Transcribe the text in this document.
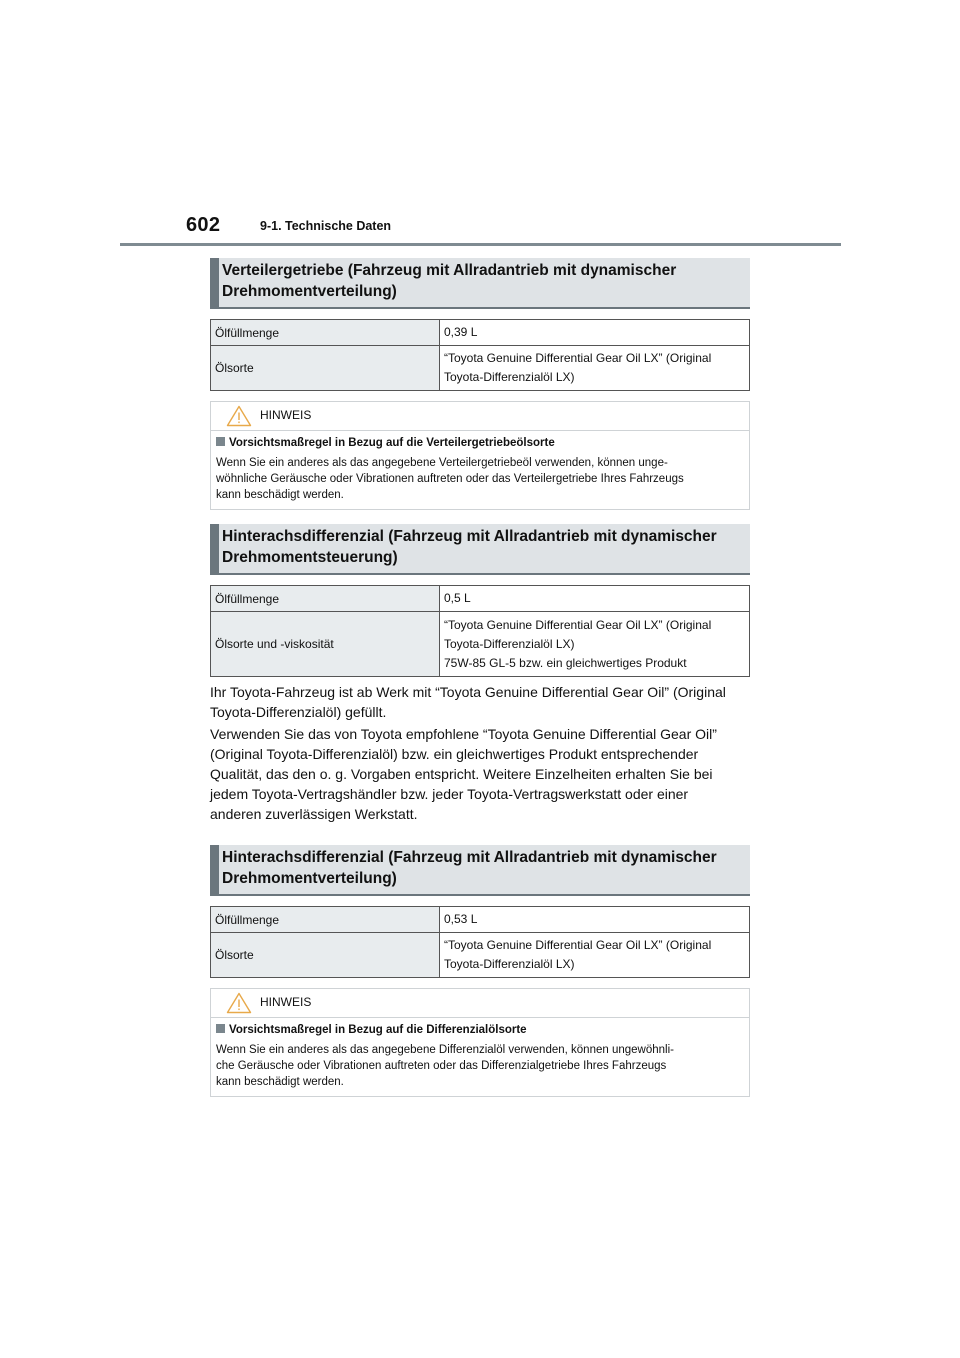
602	9-1. Technische Daten
Verteilergetriebe (Fahrzeug mit Allradantrieb mit dynamischer
Drehmomentverteilung)
Ölfüllmenge	0,39 L

Ölsorte	“Toyota Genuine Differential Gear Oil LX” (Original
Toyota-Differenzialöl LX)
HINWEIS
Vorsichtsmaßregel in Bezug auf die Verteilergetriebeölsorte
Wenn Sie ein anderes als das angegebene Verteilergetriebeöl verwenden, können unge-
wöhnliche Geräusche oder Vibrationen auftreten oder das Verteilergetriebe Ihres Fahrzeugs
kann beschädigt werden.
Hinterachsdifferenzial (Fahrzeug mit Allradantrieb mit dynamischer
Drehmomentsteuerung)
Ölfüllmenge	0,5 L

Ölsorte und -viskosität	“Toyota Genuine Differential Gear Oil LX” (Original
Toyota-Differenzialöl LX)
75W-85 GL-5 bzw. ein gleichwertiges Produkt
Ihr Toyota-Fahrzeug ist ab Werk mit “Toyota Genuine Differential Gear Oil” (Original
Toyota-Differenzialöl) gefüllt.
Verwenden Sie das von Toyota empfohlene “Toyota Genuine Differential Gear Oil”
(Original Toyota-Differenzialöl) bzw. ein gleichwertiges Produkt entsprechender
Qualität, das den o. g. Vorgaben entspricht. Weitere Einzelheiten erhalten Sie bei
jedem Toyota-Vertragshändler bzw. jeder Toyota-Vertragswerkstatt oder einer
anderen zuverlässigen Werkstatt.
Hinterachsdifferenzial (Fahrzeug mit Allradantrieb mit dynamischer
Drehmomentverteilung)
Ölfüllmenge	0,53 L

Ölsorte	“Toyota Genuine Differential Gear Oil LX” (Original
Toyota-Differenzialöl LX)
HINWEIS
Vorsichtsmaßregel in Bezug auf die Differenzialölsorte
Wenn Sie ein anderes als das angegebene Differenzialöl verwenden, können ungewöhnli-
che Geräusche oder Vibrationen auftreten oder das Differenzialgetriebe Ihres Fahrzeugs
kann beschädigt werden.
